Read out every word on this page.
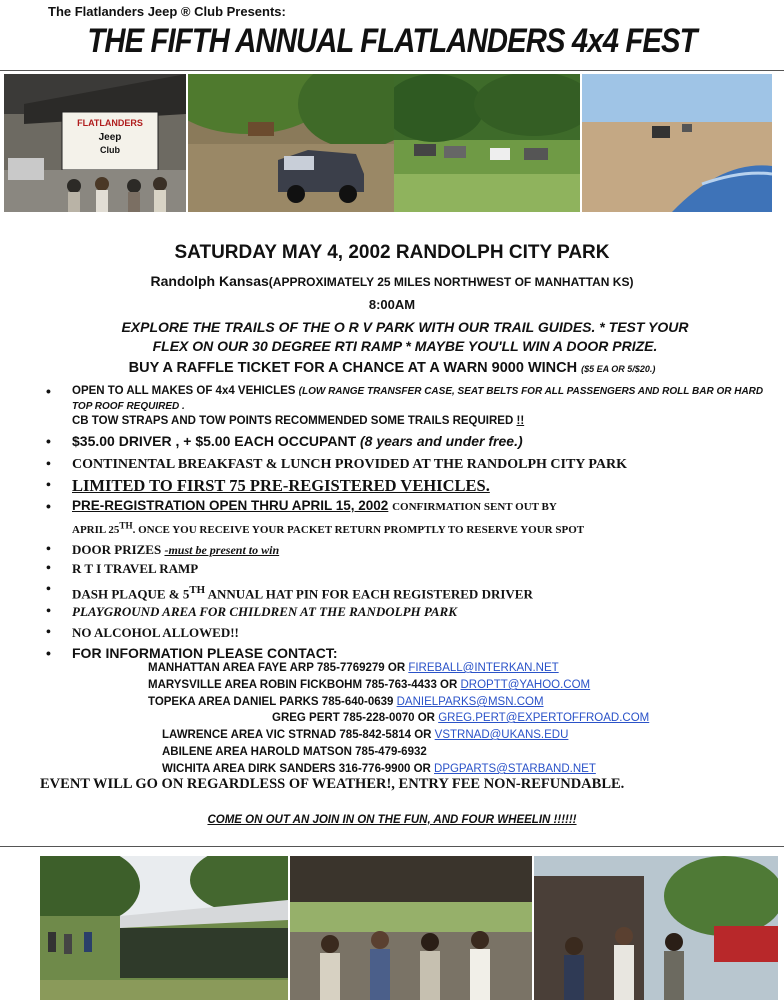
The Flatlanders Jeep ® Club Presents:
THE FIFTH ANNUAL FLATLANDERS 4x4 FEST
FLATLANDERS
Jeep
Club
SATURDAY MAY 4, 2002 RANDOLPH CITY PARK
Randolph Kansas(APPROXIMATELY 25 MILES NORTHWEST OF MANHATTAN KS)
8:00AM
EXPLORE THE TRAILS OF THE O R V PARK WITH OUR TRAIL GUIDES. * TEST YOUR
FLEX ON OUR 30 DEGREE RTI RAMP * MAYBE YOU'LL WIN A DOOR PRIZE.
BUY A RAFFLE TICKET FOR A CHANCE AT A WARN 9000 WINCH ($5 EA OR 5/$20.)
• OPEN TO ALL MAKES OF 4x4 VEHICLES (LOW RANGE TRANSFER CASE, SEAT BELTS FOR ALL PASSENGERS AND ROLL BAR OR HARD TOP ROOF REQUIRED .
CB TOW STRAPS AND TOW POINTS RECOMMENDED SOME TRAILS REQUIRED !!
• $35.00 DRIVER , + $5.00 EACH OCCUPANT (8 years and under free.)
• CONTINENTAL BREAKFAST & LUNCH PROVIDED AT THE RANDOLPH CITY PARK
• LIMITED TO FIRST 75 PRE-REGISTERED VEHICLES.
• PRE-REGISTRATION OPEN THRU APRIL 15, 2002 CONFIRMATION SENT OUT BY
APRIL 25TH. ONCE YOU RECEIVE YOUR PACKET RETURN PROMPTLY TO RESERVE YOUR SPOT
• DOOR PRIZES -must be present to win
• R T I TRAVEL RAMP
• DASH PLAQUE & 5TH ANNUAL HAT PIN FOR EACH REGISTERED DRIVER
• PLAYGROUND AREA FOR CHILDREN AT THE RANDOLPH PARK
• NO ALCOHOL ALLOWED!!
• FOR INFORMATION PLEASE CONTACT:
MANHATTAN AREA FAYE ARP 785-7769279 OR FIREBALL@INTERKAN.NET
MARYSVILLE AREA ROBIN FICKBOHM 785-763-4433 OR DROPTT@YAHOO.COM
TOPEKA AREA DANIEL PARKS 785-640-0639 DANIELPARKS@MSN.COM
GREG PERT 785-228-0070 OR GREG.PERT@EXPERTOFFROAD.COM
LAWRENCE AREA VIC STRNAD 785-842-5814 OR VSTRNAD@UKANS.EDU
ABILENE AREA HAROLD MATSON 785-479-6932
WICHITA AREA DIRK SANDERS 316-776-9900 OR DPGPARTS@STARBAND.NET
EVENT WILL GO ON REGARDLESS OF WEATHER!, ENTRY FEE NON-REFUNDABLE.
COME ON OUT AN JOIN IN ON THE FUN, AND FOUR WHEELIN !!!!!!
